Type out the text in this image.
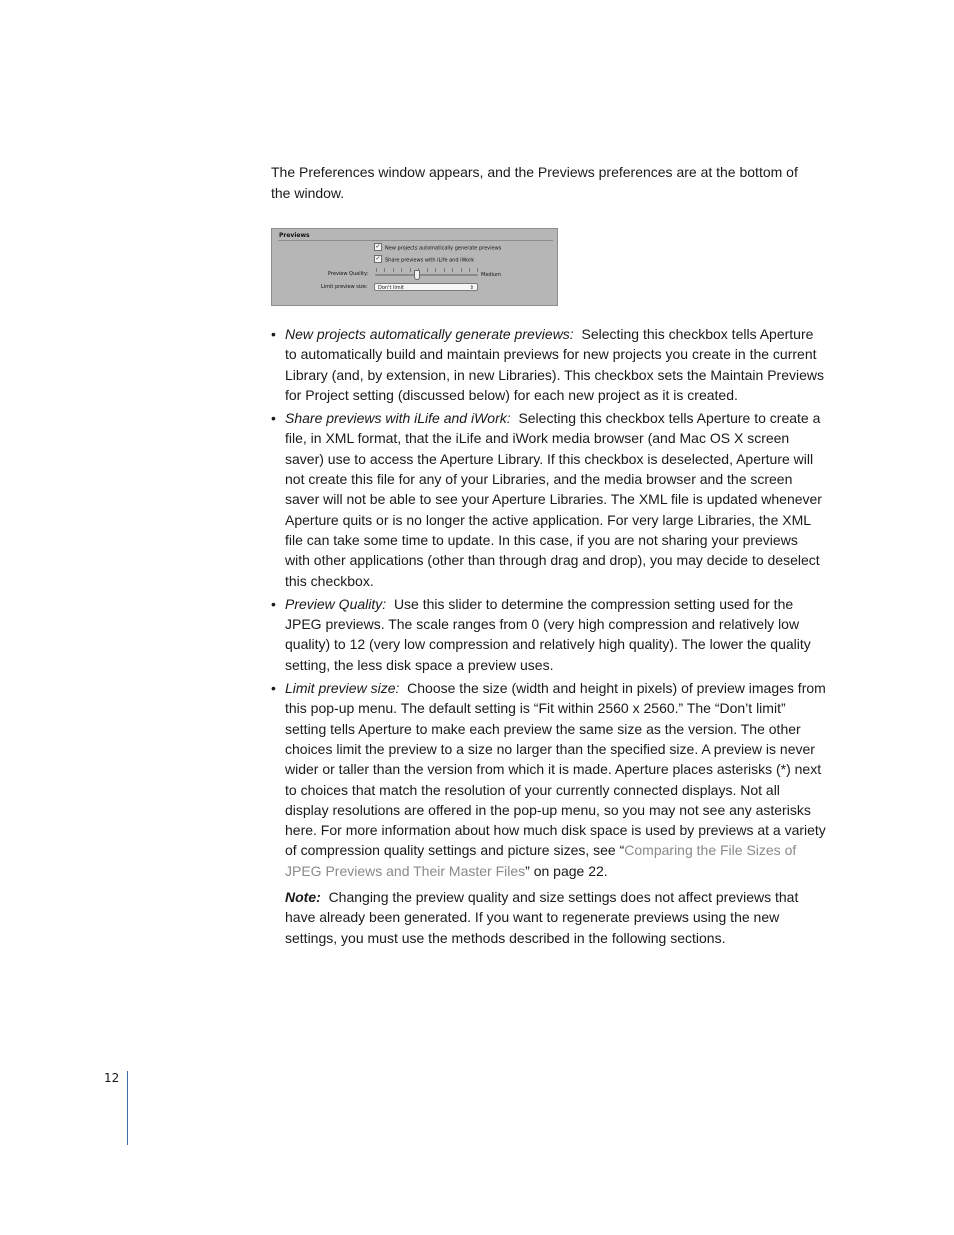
The Preferences window appears, and the Previews preferences are at the bottom of the window.

Previews
✓ New projects automatically generate previews
✓ Share previews with iLife and iWork
Preview Quality:	Medium
Limit preview size:	Don't limit	⇕
• New projects automatically generate previews: Selecting this checkbox tells Aperture to automatically build and maintain previews for new projects you create in the current Library (and, by extension, in new Libraries). This checkbox sets the Maintain Previews for Project setting (discussed below) for each new project as it is created.
• Share previews with iLife and iWork: Selecting this checkbox tells Aperture to create a file, in XML format, that the iLife and iWork media browser (and Mac OS X screen saver) use to access the Aperture Library. If this checkbox is deselected, Aperture will not create this file for any of your Libraries, and the media browser and the screen saver will not be able to see your Aperture Libraries. The XML file is updated whenever Aperture quits or is no longer the active application. For very large Libraries, the XML file can take some time to update. In this case, if you are not sharing your previews with other applications (other than through drag and drop), you may decide to deselect this checkbox.
• Preview Quality: Use this slider to determine the compression setting used for the JPEG previews. The scale ranges from 0 (very high compression and relatively low quality) to 12 (very low compression and relatively high quality). The lower the quality setting, the less disk space a preview uses.
• Limit preview size: Choose the size (width and height in pixels) of preview images from this pop-up menu. The default setting is “Fit within 2560 x 2560.” The “Don’t limit” setting tells Aperture to make each preview the same size as the version. The other choices limit the preview to a size no larger than the specified size. A preview is never wider or taller than the version from which it is made. Aperture places asterisks (*) next to choices that match the resolution of your currently connected displays. Not all display resolutions are offered in the pop-up menu, so you may not see any asterisks here. For more information about how much disk space is used by previews at a variety of compression quality settings and picture sizes, see “Comparing the File Sizes of JPEG Previews and Their Master Files” on page 22.

Note: Changing the preview quality and size settings does not affect previews that have already been generated. If you want to regenerate previews using the new settings, you must use the methods described in the following sections.

12
